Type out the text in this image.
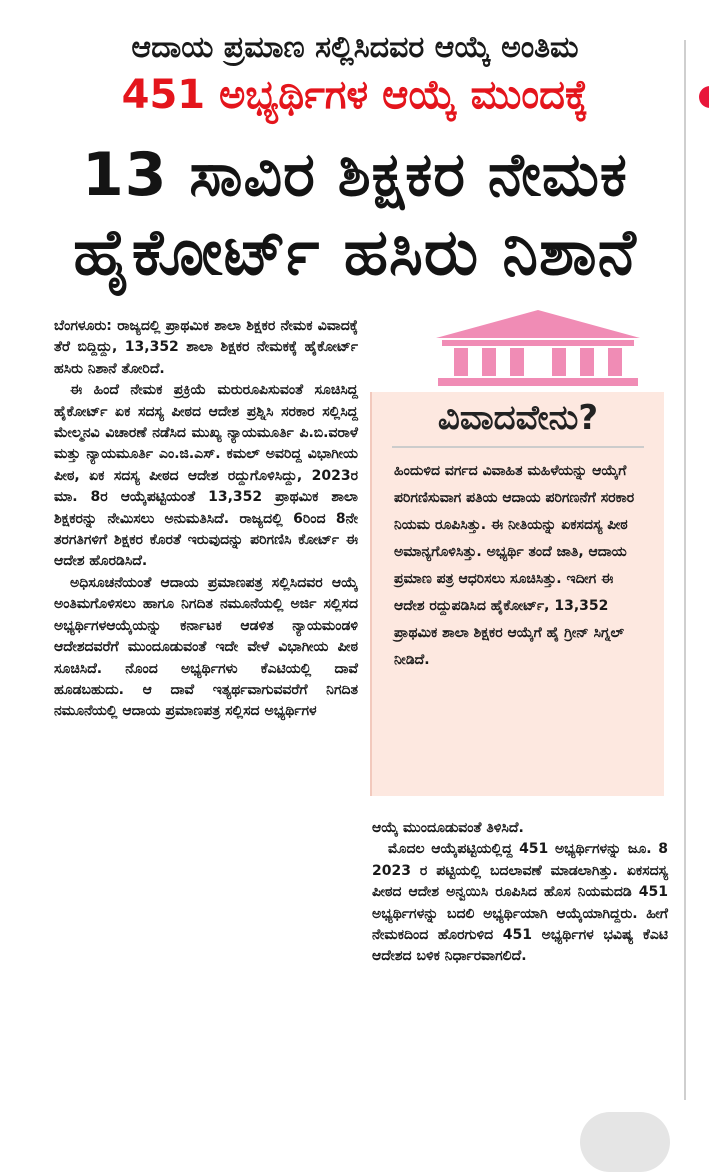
ಆದಾಯ ಪ್ರಮಾಣ ಸಲ್ಲಿಸಿದವರ ಆಯ್ಕೆ ಅಂತಿಮ
451 ಅಭ್ಯರ್ಥಿಗಳ ಆಯ್ಕೆ ಮುಂದಕ್ಕೆ
13 ಸಾವಿರ ಶಿಕ್ಷಕರ ನೇಮಕ
ಹೈಕೋರ್ಟ್ ಹಸಿರು ನಿಶಾನೆ

ಬೆಂಗಳೂರು: ರಾಜ್ಯದಲ್ಲಿ ಪ್ರಾಥಮಿಕ ಶಾಲಾ ಶಿಕ್ಷಕರ ನೇಮಕ ವಿವಾದಕ್ಕೆ ತೆರೆ ಬಿದ್ದಿದ್ದು, 13,352 ಶಾಲಾ ಶಿಕ್ಷಕರ ನೇಮಕಕ್ಕೆ ಹೈಕೋರ್ಟ್ ಹಸಿರು ನಿಶಾನೆ ತೋರಿದೆ.

ಈ ಹಿಂದೆ ನೇಮಕ ಪ್ರಕ್ರಿಯೆ ಮರುರೂಪಿಸುವಂತೆ ಸೂಚಿಸಿದ್ದ ಹೈಕೋರ್ಟ್ ಏಕ ಸದಸ್ಯ ಪೀಠದ ಆದೇಶ ಪ್ರಶ್ನಿಸಿ ಸರಕಾರ ಸಲ್ಲಿಸಿದ್ದ ಮೇಲ್ಮನವಿ ವಿಚಾರಣೆ ನಡೆಸಿದ ಮುಖ್ಯ ನ್ಯಾಯಮೂರ್ತಿ ಪಿ.ಬಿ.ವರಾಳೆ ಮತ್ತು ನ್ಯಾಯಮೂರ್ತಿ ಎಂ.ಜಿ.ಎಸ್. ಕಮಲ್ ಅವರಿದ್ದ ವಿಭಾಗೀಯ ಪೀಠ, ಏಕ ಸದಸ್ಯ ಪೀಠದ ಆದೇಶ ರದ್ದುಗೊಳಿಸಿದ್ದು, 2023ರ ಮಾ. 8ರ ಆಯ್ಕೆಪಟ್ಟಿಯಂತೆ 13,352 ಪ್ರಾಥಮಿಕ ಶಾಲಾ ಶಿಕ್ಷಕರನ್ನು ನೇಮಿಸಲು ಅನುಮತಿಸಿದೆ. ರಾಜ್ಯದಲ್ಲಿ 6ರಿಂದ 8ನೇ ತರಗತಿಗಳಿಗೆ ಶಿಕ್ಷಕರ ಕೊರತೆ ಇರುವುದನ್ನು ಪರಿಗಣಿಸಿ ಕೋರ್ಟ್ ಈ ಆದೇಶ ಹೊರಡಿಸಿದೆ.

ಅಧಿಸೂಚನೆಯಂತೆ ಆದಾಯ ಪ್ರಮಾಣಪತ್ರ ಸಲ್ಲಿಸಿದವರ ಆಯ್ಕೆ ಅಂತಿಮಗೊಳಿಸಲು ಹಾಗೂ ನಿಗದಿತ ನಮೂನೆಯಲ್ಲಿ ಅರ್ಜಿ ಸಲ್ಲಿಸದ ಅಭ್ಯರ್ಥಿಗಳಆಯ್ಕೆಯನ್ನು ಕರ್ನಾಟಕ ಆಡಳಿತ ನ್ಯಾಯಮಂಡಳಿ ಆದೇಶದವರೆಗೆ ಮುಂದೂಡುವಂತೆ ಇದೇ ವೇಳೆ ವಿಭಾಗೀಯ ಪೀಠ ಸೂಚಿಸಿದೆ. ನೊಂದ ಅಭ್ಯರ್ಥಿಗಳು ಕೆಎಟಿಯಲ್ಲಿ ದಾವೆ ಹೂಡಬಹುದು. ಆ ದಾವೆ ಇತ್ಯರ್ಥವಾಗುವವರೆಗೆ ನಿಗದಿತ ನಮೂನೆಯಲ್ಲಿ ಆದಾಯ ಪ್ರಮಾಣಪತ್ರ ಸಲ್ಲಿಸದ ಅಭ್ಯರ್ಥಿಗಳ

ವಿವಾದವೇನು?
ಹಿಂದುಳಿದ ವರ್ಗದ ವಿವಾಹಿತ ಮಹಿಳೆಯನ್ನು ಆಯ್ಕೆಗೆ ಪರಿಗಣಿಸುವಾಗ ಪತಿಯ ಆದಾಯ ಪರಿಗಣನೆಗೆ ಸರಕಾರ ನಿಯಮ ರೂಪಿಸಿತ್ತು. ಈ ನೀತಿಯನ್ನು ಏಕಸದಸ್ಯ ಪೀಠ ಅಮಾನ್ಯಗೊಳಿಸಿತ್ತು. ಅಭ್ಯರ್ಥಿ ತಂದೆ ಜಾತಿ, ಆದಾಯ ಪ್ರಮಾಣ ಪತ್ರ ಆಧರಿಸಲು ಸೂಚಿಸಿತ್ತು. ಇದೀಗ ಈ ಆದೇಶ ರದ್ದುಪಡಿಸಿದ ಹೈಕೋರ್ಟ್, 13,352 ಪ್ರಾಥಮಿಕ ಶಾಲಾ ಶಿಕ್ಷಕರ ಆಯ್ಕೆಗೆ ಹೈ ಗ್ರೀನ್ ಸಿಗ್ನಲ್ ನೀಡಿದೆ.

ಆಯ್ಕೆ ಮುಂದೂಡುವಂತೆ ತಿಳಿಸಿದೆ.

ಮೊದಲ ಆಯ್ಕೆಪಟ್ಟಿಯಲ್ಲಿದ್ದ 451 ಅಭ್ಯರ್ಥಿಗಳನ್ನು ಜೂ. 8 2023 ರ ಪಟ್ಟಿಯಲ್ಲಿ ಬದಲಾವಣೆ ಮಾಡಲಾಗಿತ್ತು. ಏಕಸದಸ್ಯ ಪೀಠದ ಆದೇಶ ಅನ್ವಯಿಸಿ ರೂಪಿಸಿದ ಹೊಸ ನಿಯಮದಡಿ 451 ಅಭ್ಯರ್ಥಿಗಳನ್ನು ಬದಲಿ ಅಭ್ಯರ್ಥಿಯಾಗಿ ಆಯ್ಕೆಯಾಗಿದ್ದರು. ಹೀಗೆ ನೇಮಕದಿಂದ ಹೊರಗುಳಿದ 451 ಅಭ್ಯರ್ಥಿಗಳ ಭವಿಷ್ಯ ಕೆಎಟಿ ಆದೇಶದ ಬಳಿಕ ನಿರ್ಧಾರವಾಗಲಿದೆ.
